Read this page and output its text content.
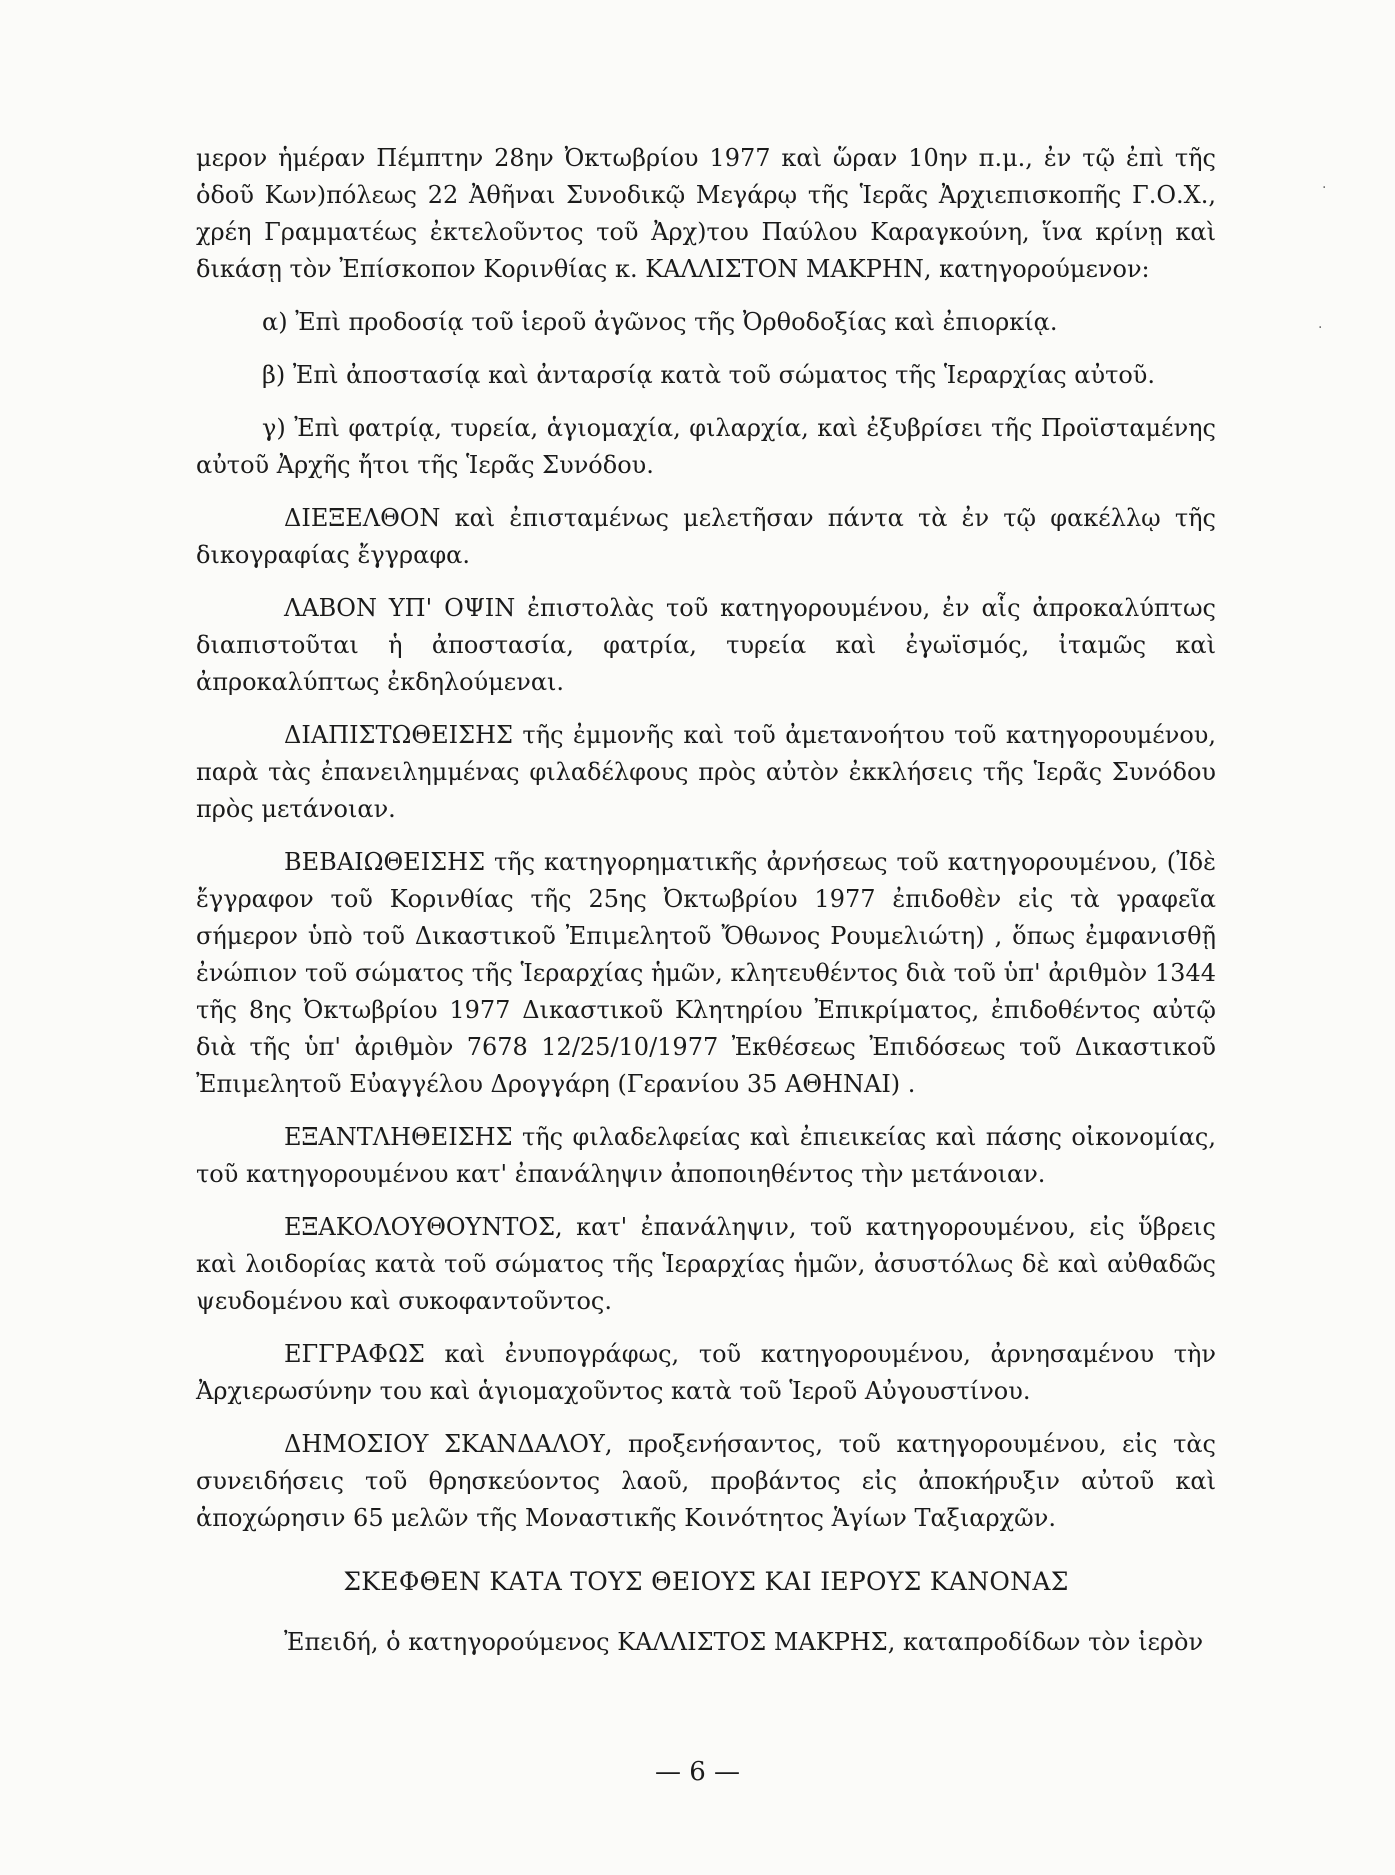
μερον ἡμέραν Πέμπτην 28ην Ὀκτωβρίου 1977 καὶ ὥραν 10ην π.μ., ἐν τῷ ἐπὶ τῆς ὁδοῦ Κων)πόλεως 22 Ἀθῆναι Συνοδικῷ Μεγάρῳ τῆς Ἱερᾶς Ἀρχιεπισκοπῆς Γ.Ο.Χ., χρέη Γραμματέως ἐκτελοῦντος τοῦ Ἀρχ)του Παύλου Καραγκούνη, ἵνα κρίνῃ καὶ δικάσῃ τὸν Ἐπίσκοπον Κορινθίας κ. ΚΑΛΛΙΣΤΟΝ ΜΑΚΡΗΝ, κατηγορούμενον:

α) Ἐπὶ προδοσίᾳ τοῦ ἱεροῦ ἀγῶνος τῆς Ὀρθοδοξίας καὶ ἐπιορκίᾳ.

β) Ἐπὶ ἀποστασίᾳ καὶ ἀνταρσίᾳ κατὰ τοῦ σώματος τῆς Ἱεραρχίας αὐτοῦ.

γ) Ἐπὶ φατρίᾳ, τυρεία, ἁγιομαχία, φιλαρχία, καὶ ἐξυβρίσει τῆς Προϊσταμένης αὐτοῦ Ἀρχῆς ἤτοι τῆς Ἱερᾶς Συνόδου.

ΔΙΕΞΕΛΘΟΝ καὶ ἐπισταμένως μελετῆσαν πάντα τὰ ἐν τῷ φακέλλῳ τῆς δικογραφίας ἔγγραφα.

ΛΑΒΟΝ ΥΠ' ΟΨΙΝ ἐπιστολὰς τοῦ κατηγορουμένου, ἐν αἷς ἀπροκαλύπτως διαπιστοῦται ἡ ἀποστασία, φατρία, τυρεία καὶ ἐγωϊσμός, ἰταμῶς καὶ ἀπροκαλύπτως ἐκδηλούμεναι.

ΔΙΑΠΙΣΤΩΘΕΙΣΗΣ τῆς ἐμμονῆς καὶ τοῦ ἀμετανοήτου τοῦ κατηγορουμένου, παρὰ τὰς ἐπανειλημμένας φιλαδέλφους πρὸς αὐτὸν ἐκκλήσεις τῆς Ἱερᾶς Συνόδου πρὸς μετάνοιαν.

ΒΕΒΑΙΩΘΕΙΣΗΣ τῆς κατηγορηματικῆς ἀρνήσεως τοῦ κατηγορουμένου, (Ἰδὲ ἔγγραφον τοῦ Κορινθίας τῆς 25ης Ὀκτωβρίου 1977 ἐπιδοθὲν εἰς τὰ γραφεῖα σήμερον ὑπὸ τοῦ Δικαστικοῦ Ἐπιμελητοῦ Ὄθωνος Ρουμελιώτη) , ὅπως ἐμφανισθῇ ἐνώπιον τοῦ σώματος τῆς Ἱεραρχίας ἡμῶν, κλητευθέντος διὰ τοῦ ὑπ' ἀριθμὸν 1344 τῆς 8ης Ὀκτωβρίου 1977 Δικαστικοῦ Κλητηρίου Ἐπικρίματος, ἐπιδοθέντος αὐτῷ διὰ τῆς ὑπ' ἀριθμὸν 7678 12/25/10/1977 Ἐκθέσεως Ἐπιδόσεως τοῦ Δικαστικοῦ Ἐπιμελητοῦ Εὐαγγέλου Δρογγάρη (Γερανίου 35 ΑΘΗΝΑΙ) .

ΕΞΑΝΤΛΗΘΕΙΣΗΣ τῆς φιλαδελφείας καὶ ἐπιεικείας καὶ πάσης οἰκονομίας, τοῦ κατηγορουμένου κατ' ἐπανάληψιν ἀποποιηθέντος τὴν μετάνοιαν.

ΕΞΑΚΟΛΟΥΘΟΥΝΤΟΣ, κατ' ἐπανάληψιν, τοῦ κατηγορουμένου, εἰς ὕβρεις καὶ λοιδορίας κατὰ τοῦ σώματος τῆς Ἱεραρχίας ἡμῶν, ἀσυστόλως δὲ καὶ αὐθαδῶς ψευδομένου καὶ συκοφαντοῦντος.

ΕΓΓΡΑΦΩΣ καὶ ἐνυπογράφως, τοῦ κατηγορουμένου, ἀρνησαμένου τὴν Ἀρχιερωσύνην του καὶ ἁγιομαχοῦντος κατὰ τοῦ Ἱεροῦ Αὐγουστίνου.

ΔΗΜΟΣΙΟΥ ΣΚΑΝΔΑΛΟΥ, προξενήσαντος, τοῦ κατηγορουμένου, εἰς τὰς συνειδήσεις τοῦ θρησκεύοντος λαοῦ, προβάντος εἰς ἀποκήρυξιν αὐτοῦ καὶ ἀποχώρησιν 65 μελῶν τῆς Μοναστικῆς Κοινότητος Ἁγίων Ταξιαρχῶν.

ΣΚΕΦΘΕΝ ΚΑΤΑ ΤΟΥΣ ΘΕΙΟΥΣ ΚΑΙ ΙΕΡΟΥΣ ΚΑΝΟΝΑΣ

Ἐπειδή, ὁ κατηγορούμενος ΚΑΛΛΙΣΤΟΣ ΜΑΚΡΗΣ, καταπροδίδων τὸν ἱερὸν

— 6 —
·
·
